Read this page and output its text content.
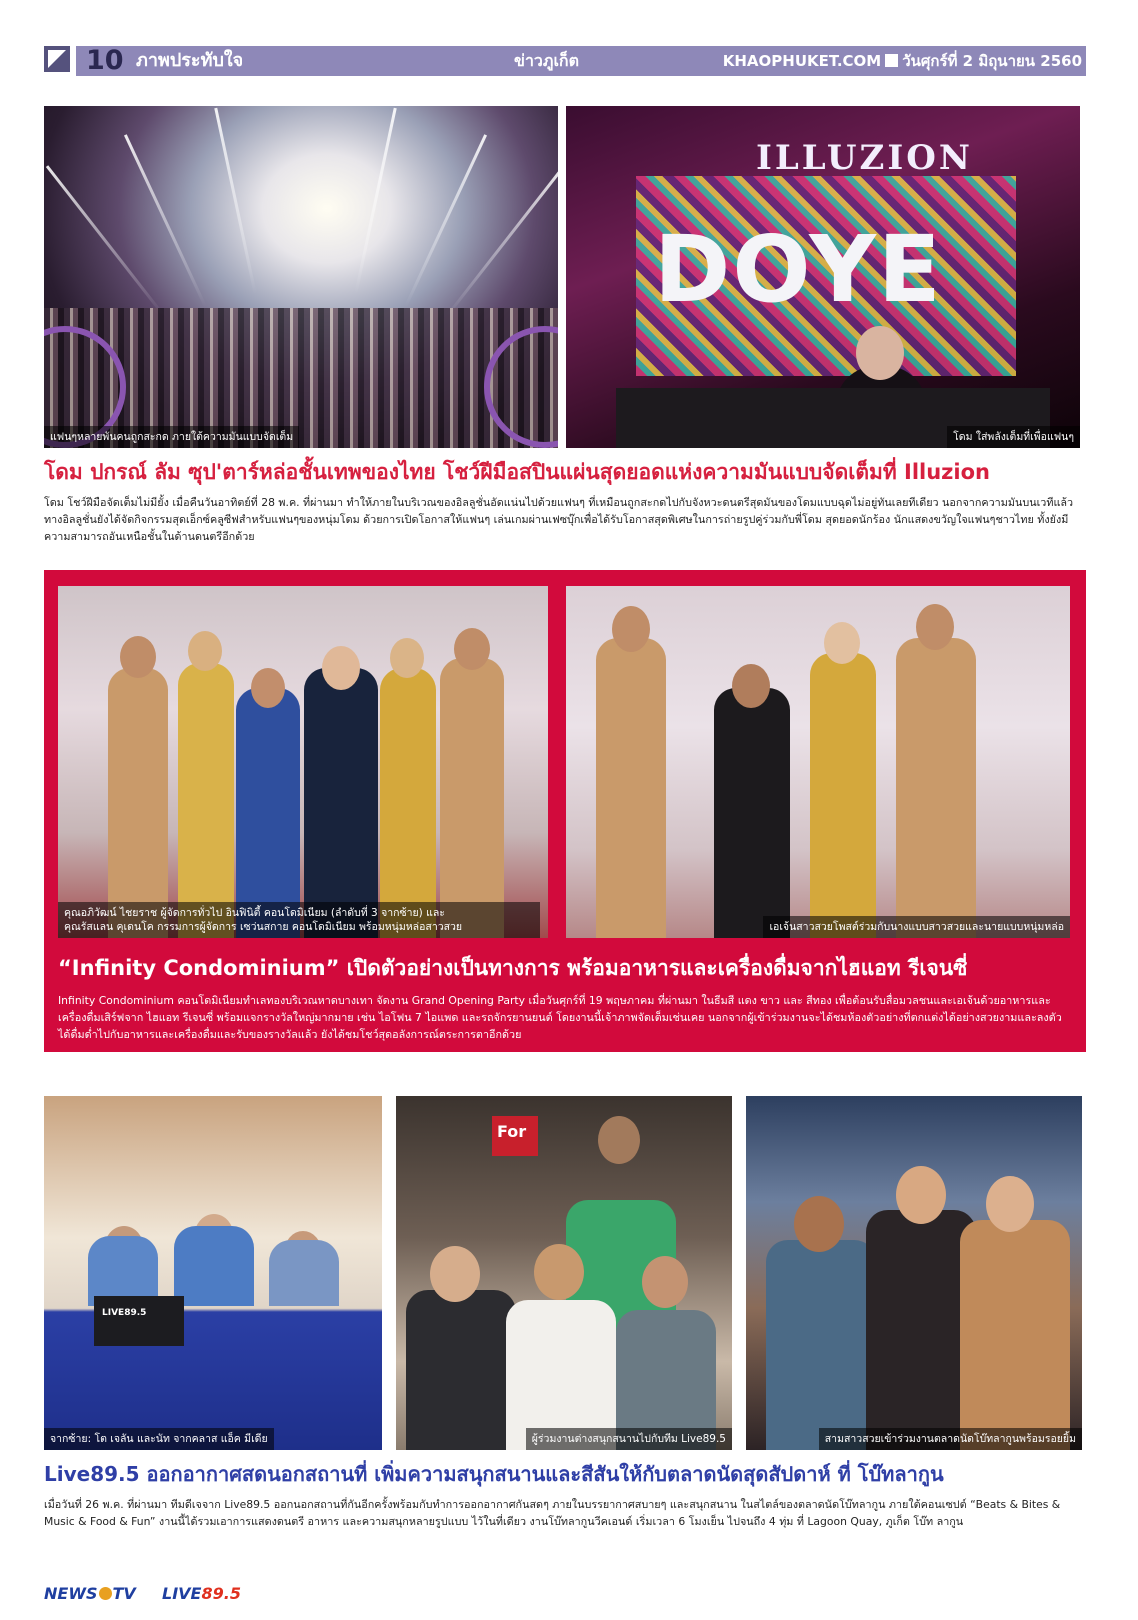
10 ภาพประทับใจ	ข่าวภูเก็ต	KHAOPHUKET.COM วันศุกร์ที่ 2 มิถุนายน 2560
แฟนๆหลายพันคนถูกสะกด ภายใต้ความมันแบบจัดเต็ม
ILLUZION
DOYE
โดม ใส่พลังเต็มที่เพื่อแฟนๆ
โดม ปกรณ์ ลัม ซุป'ตาร์หล่อชั้นเทพของไทย โชว์ฝีมือสปินแผ่นสุดยอดแห่งความมันแบบจัดเต็มที่ Illuzion
โดม โชว์ฝีมือจัดเต็มไม่มียั้ง เมื่อคืนวันอาทิตย์ที่ 28 พ.ค. ที่ผ่านมา ทำให้ภายในบริเวณของอิลลูชั่นอัดแน่นไปด้วยแฟนๆ ที่เหมือนถูกสะกดไปกับจังหวะดนตรีสุดมันของโดมแบบฉุดไม่อยู่ทันเลยทีเดียว นอกจากความมันบนเวทีแล้ว ทางอิลลูชั่นยังได้จัดกิจกรรมสุดเอ็กซ์คลูซีฟสำหรับแฟนๆของหนุ่มโดม ด้วยการเปิดโอกาสให้แฟนๆ เล่นเกมผ่านเฟซบุ๊กเพื่อได้รับโอกาสสุดพิเศษในการถ่ายรูปคู่ร่วมกับพี่โดม สุดยอดนักร้อง นักแสดงขวัญใจแฟนๆชาวไทย ทั้งยังมีความสามารถอันเหนือชั้นในด้านดนตรีอีกด้วย
คุณอภิวัฒน์ ไชยราช ผู้จัดการทั่วไป อินฟินิตี้ คอนโดมิเนียม (ลำดับที่ 3 จากซ้าย) และ
คุณรัสแลน คุเดนโค กรรมการผู้จัดการ เซว่นสกาย คอนโดมิเนียม พร้อมหนุ่มหล่อสาวสวย	เอเจ้นสาวสวยโพสต์ร่วมกับนางแบบสาวสวยและนายแบบหนุ่มหล่อ
“Infinity Condominium” เปิดตัวอย่างเป็นทางการ พร้อมอาหารและเครื่องดื่มจากไฮแอท รีเจนซี่
Infinity Condominium คอนโดมิเนียมทำเลทองบริเวณหาดบางเทา จัดงาน Grand Opening Party เมื่อวันศุกร์ที่ 19 พฤษภาคม ที่ผ่านมา ในธีมสี แดง ขาว และ สีทอง เพื่อต้อนรับสื่อมวลชนและเอเจ้นด้วยอาหารและเครื่องดื่มเสิร์ฟจาก ไฮแอท รีเจนซี่ พร้อมแจกรางวัลใหญ่มากมาย เช่น ไอโฟน 7 ไอแพด และรถจักรยานยนต์ โดยงานนี้เจ้าภาพจัดเต็มเช่นเคย นอกจากผู้เข้าร่วมงานจะได้ชมห้องตัวอย่างที่ตกแต่งได้อย่างสวยงามและลงตัว ได้ดื่มด่ำไปกับอาหารและเครื่องดื่มและรับของรางวัลแล้ว ยังได้ชมโชว์สุดอลังการณ์ตระการตาอีกด้วย
LIVE89.5
จากซ้าย: โต เจลัน และนัท จากคลาส แอ็ค มีเดีย
For
ผู้ร่วมงานต่างสนุกสนานไปกับทีม Live89.5	สามสาวสวยเข้าร่วมงานตลาดนัดโบ๊ทลากูนพร้อมรอยยิ้ม
Live89.5 ออกอากาศสดนอกสถานที่ เพิ่มความสนุกสนานและสีสันให้กับตลาดนัดสุดสัปดาห์ ที่ โบ๊ทลากูน
เมื่อวันที่ 26 พ.ค. ที่ผ่านมา ทีมดีเจจาก Live89.5 ออกนอกสถานที่กันอีกครั้งพร้อมกับทำการออกอากาศกันสดๆ ภายในบรรยากาศสบายๆ และสนุกสนาน ในสไตล์ของตลาดนัดโบ๊ทลากูน ภายใต้คอนเซปต์ “Beats & Bites & Music & Food & Fun” งานนี้ได้รวมเอาการแสดงดนตรี อาหาร และความสนุกหลายรูปแบบ ไว้ในที่เดียว งานโบ๊ทลากูนวีคเอนด์ เริ่มเวลา 6 โมงเย็น ไปจนถึง 4 ทุ่ม ที่ Lagoon Quay, ภูเก็ต โบ๊ท ลากูน
NEWS TV LIVE89.5
